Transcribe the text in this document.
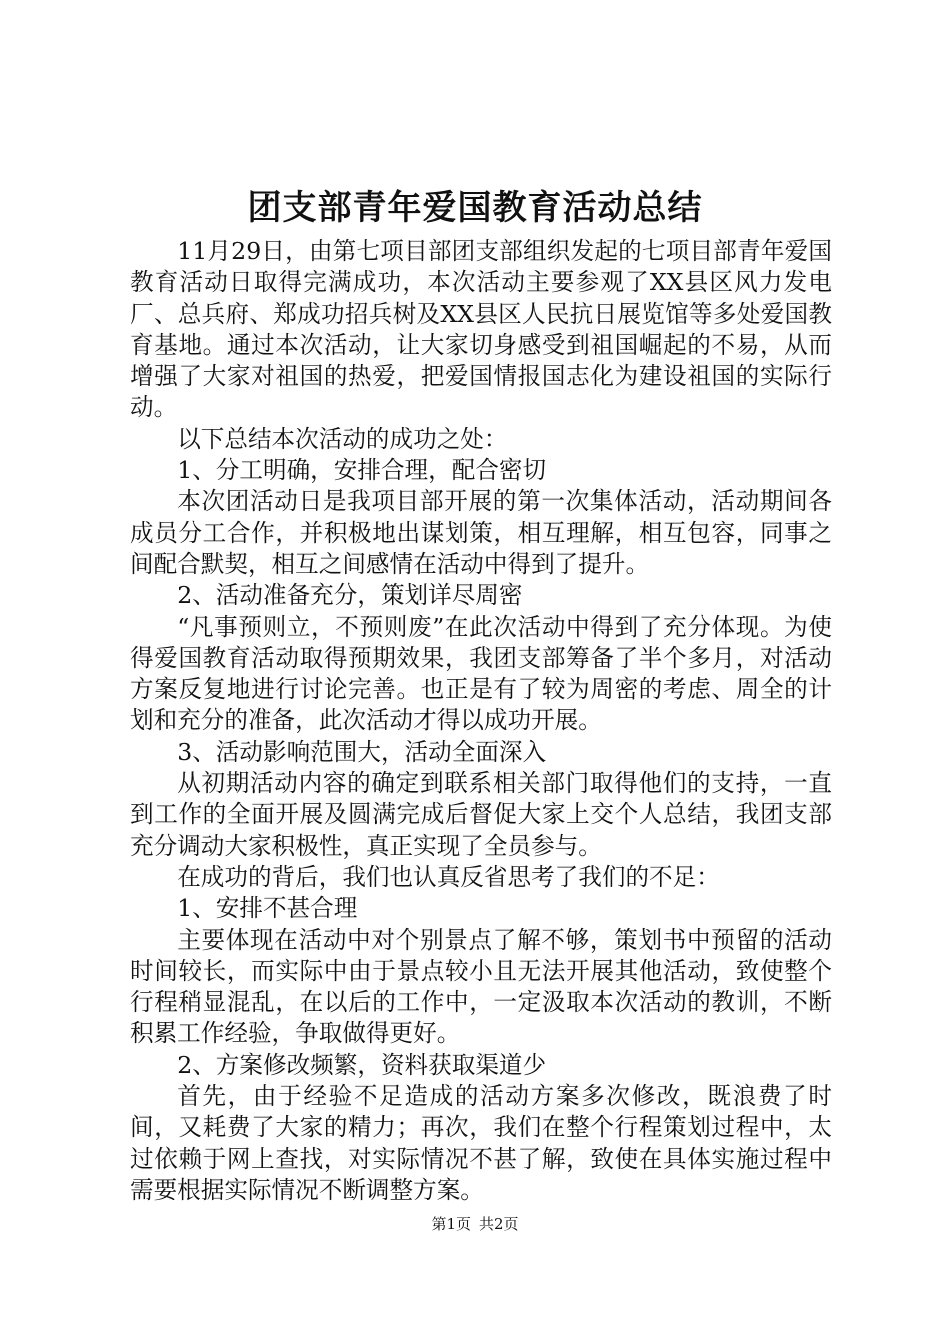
团支部青年爱国教育活动总结

11月29日，由第七项目部团支部组织发起的七项目部青年爱国教育活动日取得完满成功，本次活动主要参观了XX县区风力发电厂、总兵府、郑成功招兵树及XX县区人民抗日展览馆等多处爱国教育基地。通过本次活动，让大家切身感受到祖国崛起的不易，从而增强了大家对祖国的热爱，把爱国情报国志化为建设祖国的实际行动。

以下总结本次活动的成功之处：

1、分工明确，安排合理，配合密切

本次团活动日是我项目部开展的第一次集体活动，活动期间各成员分工合作，并积极地出谋划策，相互理解，相互包容，同事之间配合默契，相互之间感情在活动中得到了提升。

2、活动准备充分，策划详尽周密

“凡事预则立，不预则废”在此次活动中得到了充分体现。为使得爱国教育活动取得预期效果，我团支部筹备了半个多月，对活动方案反复地进行讨论完善。也正是有了较为周密的考虑、周全的计划和充分的准备，此次活动才得以成功开展。

3、活动影响范围大，活动全面深入

从初期活动内容的确定到联系相关部门取得他们的支持，一直到工作的全面开展及圆满完成后督促大家上交个人总结，我团支部充分调动大家积极性，真正实现了全员参与。

在成功的背后，我们也认真反省思考了我们的不足：

1、安排不甚合理

主要体现在活动中对个别景点了解不够，策划书中预留的活动时间较长，而实际中由于景点较小且无法开展其他活动，致使整个行程稍显混乱，在以后的工作中，一定汲取本次活动的教训，不断积累工作经验，争取做得更好。

2、方案修改频繁，资料获取渠道少

首先，由于经验不足造成的活动方案多次修改，既浪费了时间，又耗费了大家的精力；再次，我们在整个行程策划过程中，太过依赖于网上查找，对实际情况不甚了解，致使在具体实施过程中需要根据实际情况不断调整方案。

第1页 共2页
